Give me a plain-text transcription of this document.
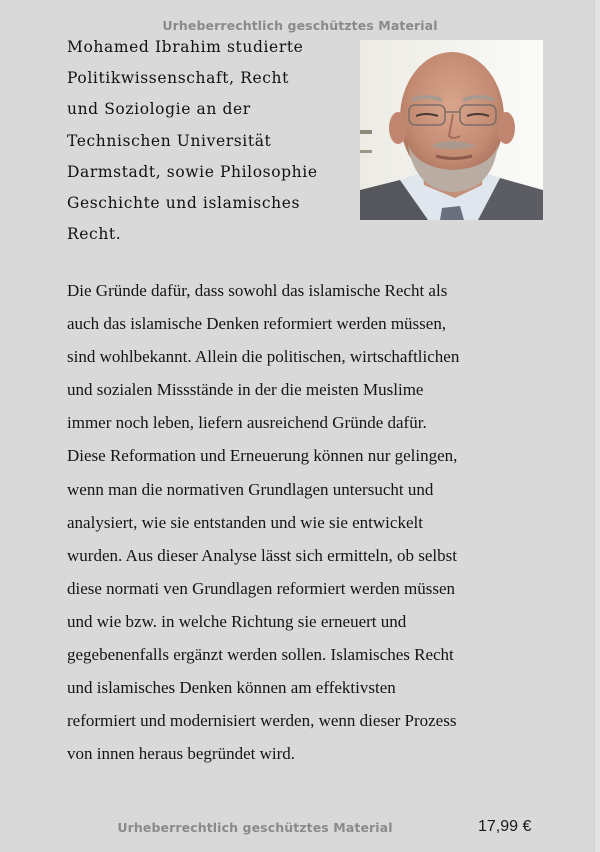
Urheberrechtlich geschütztes Material
Mohamed Ibrahim studierte
Politikwissenschaft, Recht
und Soziologie an der
Technischen Universität
Darmstadt, sowie Philosophie
Geschichte und islamisches
Recht.
Die Gründe dafür, dass sowohl das islamische Recht als
auch das islamische Denken reformiert werden müssen,
sind wohlbekannt. Allein die politischen, wirtschaftlichen
und sozialen Missstände in der die meisten Muslime
immer noch leben, liefern ausreichend Gründe dafür.
Diese Reformation und Erneuerung können nur gelingen,
wenn man die normativen Grundlagen untersucht und
analysiert, wie sie entstanden und wie sie entwickelt
wurden. Aus dieser Analyse lässt sich ermitteln, ob selbst
diese normati ven Grundlagen reformiert werden müssen
und wie bzw. in welche Richtung sie erneuert und
gegebenenfalls ergänzt werden sollen. Islamisches Recht
und islamisches Denken können am effektivsten
reformiert und modernisiert werden, wenn dieser Prozess
von innen heraus begründet wird.
Urheberrechtlich geschütztes Material	17,99 €
